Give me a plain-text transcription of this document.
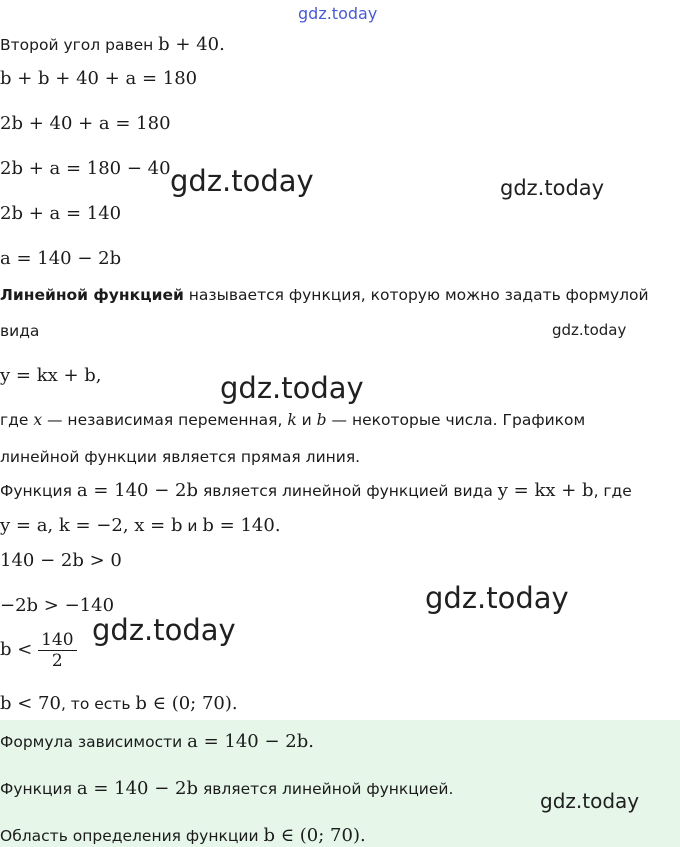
gdz.today
Второй угол равен b + 40.
b + b + 40 + a = 180
2b + 40 + a = 180
2b + a = 180 − 40
2b + a = 140
a = 140 − 2b
Линейной функцией называется функция, которую можно задать формулой
вида
y = kx + b,
где x — независимая переменная, k и b — некоторые числа. Графиком
линейной функции является прямая линия.
Функция a = 140 − 2b является линейной функцией вида y = kx + b, где
y = a, k = −2, x = b и b = 140.
140 − 2b > 0
−2b > −140
$b < \frac{140}{2}$
b < 70, то есть b ∈ (0; 70).
Формула зависимости a = 140 − 2b.
Функция a = 140 − 2b является линейной функцией.
Область определения функции b ∈ (0; 70).
gdz.today	gdz.today
gdz.today
gdz.today
gdz.today
gdz.today
gdz.today
